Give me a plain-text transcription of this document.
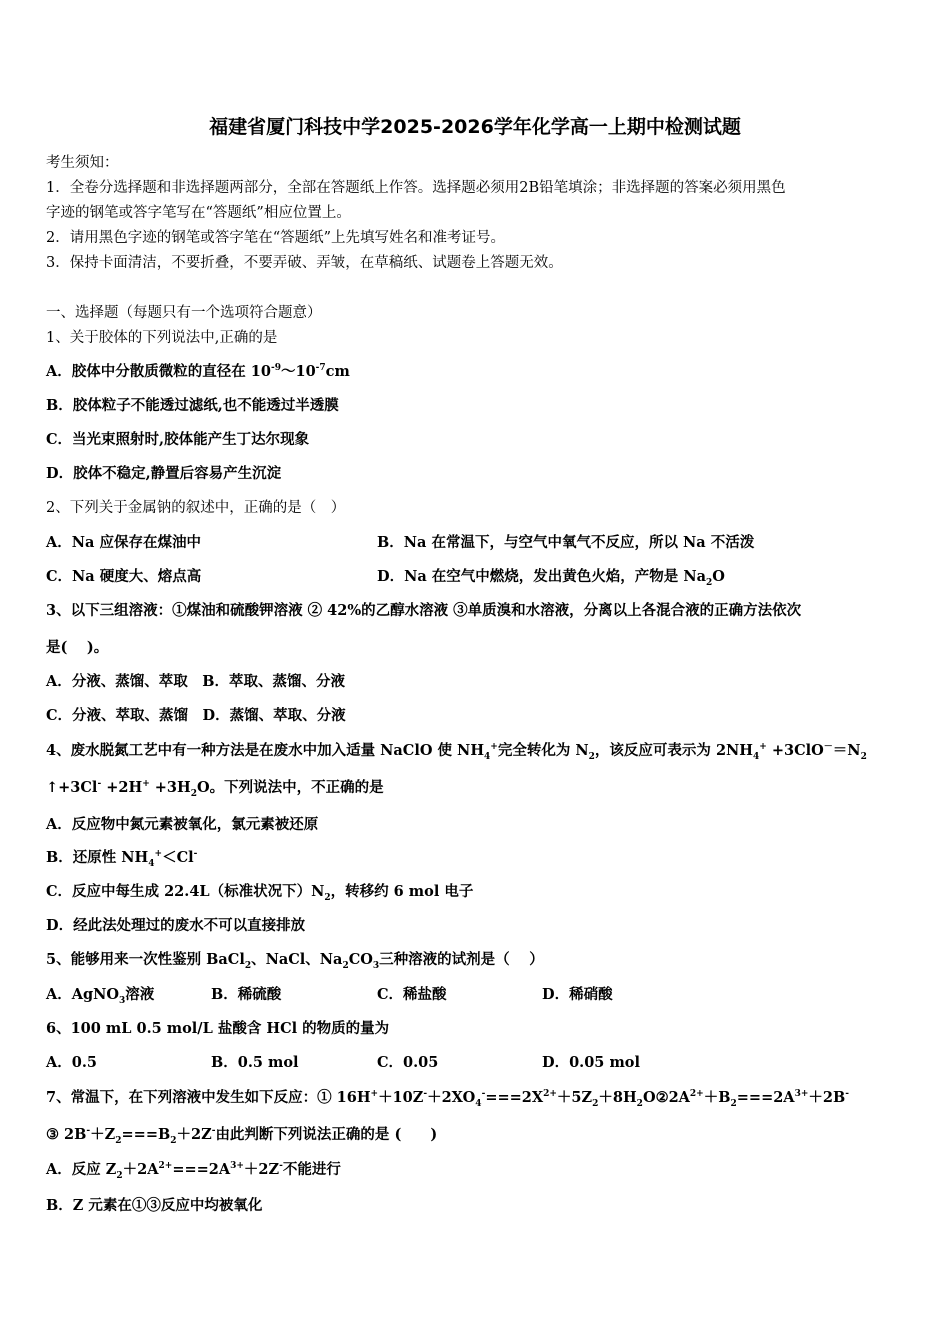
福建省厦门科技中学2025-2026学年化学高一上期中检测试题
考生须知：
1．全卷分选择题和非选择题两部分，全部在答题纸上作答。选择题必须用2B铅笔填涂；非选择题的答案必须用黑色
字迹的钢笔或答字笔写在“答题纸”相应位置上。
2．请用黑色字迹的钢笔或答字笔在“答题纸”上先填写姓名和准考证号。
3．保持卡面清洁，不要折叠，不要弄破、弄皱，在草稿纸、试题卷上答题无效。
一、选择题（每题只有一个选项符合题意）
1、关于胶体的下列说法中,正确的是
A．胶体中分散质微粒的直径在 $10^{-9}\sim 10^{-7}cm$
B．胶体粒子不能透过滤纸,也不能透过半透膜
C．当光束照射时,胶体能产生丁达尔现象
D．胶体不稳定,静置后容易产生沉淀
2、下列关于金属钠的叙述中，正确的是（　）
A．Na 应保存在煤油中	B．Na 在常温下，与空气中氧气不反应，所以 Na 不活泼
C．Na 硬度大、熔点高	D．Na 在空气中燃烧，发出黄色火焰，产物是 $Na_2O$
3、以下三组溶液：①煤油和硫酸钾溶液 ② 42%的乙醇水溶液 ③单质溴和水溶液，分离以上各混合液的正确方法依次
是(　 )。
A．分液、蒸馏、萃取　B．萃取、蒸馏、分液
C．分液、萃取、蒸馏　D．蒸馏、萃取、分液
4、废水脱氮工艺中有一种方法是在废水中加入适量 NaClO 使 $NH_4^+$完全转化为 $N_2$，该反应可表示为 $2NH_4^+ +3ClO^-=N_2$
↑+3Cl- $+2H^+ +3H_2O$。下列说法中，不正确的是
A．反应物中氮元素被氧化，氯元素被还原
B．还原性 $NH_4^+<Cl^-$
C．反应中每生成 22.4L（标准状况下）$N_2$，转移约 6 mol 电子
D．经此法处理过的废水不可以直接排放
5、能够用来一次性鉴别 BaCl$_2$、NaCl、$Na_2CO_3$三种溶液的试剂是（　 ）
A．AgNO$_3$溶液	B．稀硫酸	C．稀盐酸	D．稀硝酸
6、100 mL 0.5 mol/L 盐酸含 HCl 的物质的量为
A．0.5	B．0.5 mol	C．0.05	D．0.05 mol
7、常温下，在下列溶液中发生如下反应：① $16H^++10Z^-+2XO_4^-===2X^{2+}+5Z_2+8H_2O②2A^{2+}+B_2===2A^{3+}+2B^-$
③ $2B^-+Z_2===B_2+2Z^-$由此判断下列说法正确的是 (　　)
A．反应 $Z_2+2A^{2+}===2A^{3+}+2Z^-$不能进行
B．Z 元素在①③反应中均被氧化
